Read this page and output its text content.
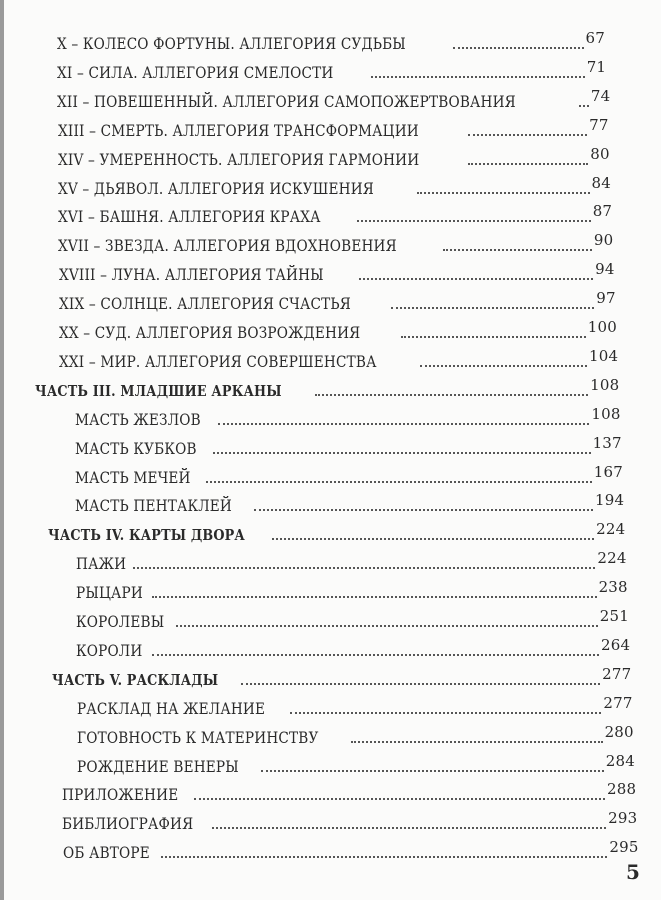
X – КОЛЕСО ФОРТУНЫ. АЛЛЕГОРИЯ СУДЬБЫ	67
XI – СИЛА. АЛЛЕГОРИЯ СМЕЛОСТИ	71
XII – ПОВЕШЕННЫЙ. АЛЛЕГОРИЯ САМОПОЖЕРТВОВАНИЯ	74
XIII – СМЕРТЬ. АЛЛЕГОРИЯ ТРАНСФОРМАЦИИ	77
XIV – УМЕРЕННОСТЬ. АЛЛЕГОРИЯ ГАРМОНИИ	80
XV – ДЬЯВОЛ. АЛЛЕГОРИЯ ИСКУШЕНИЯ	84
XVI – БАШНЯ. АЛЛЕГОРИЯ КРАХА	87
XVII – ЗВЕЗДА. АЛЛЕГОРИЯ ВДОХНОВЕНИЯ	90
XVIII – ЛУНА. АЛЛЕГОРИЯ ТАЙНЫ	94
XIX – СОЛНЦЕ. АЛЛЕГОРИЯ СЧАСТЬЯ	97
XX – СУД. АЛЛЕГОРИЯ ВОЗРОЖДЕНИЯ	100
XXI – МИР. АЛЛЕГОРИЯ СОВЕРШЕНСТВА	104
ЧАСТЬ III. МЛАДШИЕ АРКАНЫ	108
МАСТЬ ЖЕЗЛОВ	108
МАСТЬ КУБКОВ	137
МАСТЬ МЕЧЕЙ	167
МАСТЬ ПЕНТАКЛЕЙ	194
ЧАСТЬ IV. КАРТЫ ДВОРА	224
ПАЖИ	224
РЫЦАРИ	238
КОРОЛЕВЫ	251
КОРОЛИ	264
ЧАСТЬ V. РАСКЛАДЫ	277
РАСКЛАД НА ЖЕЛАНИЕ	277
ГОТОВНОСТЬ К МАТЕРИНСТВУ	280
РОЖДЕНИЕ ВЕНЕРЫ	284
ПРИЛОЖЕНИЕ	288
БИБЛИОГРАФИЯ	293
ОБ АВТОРЕ	295
5
